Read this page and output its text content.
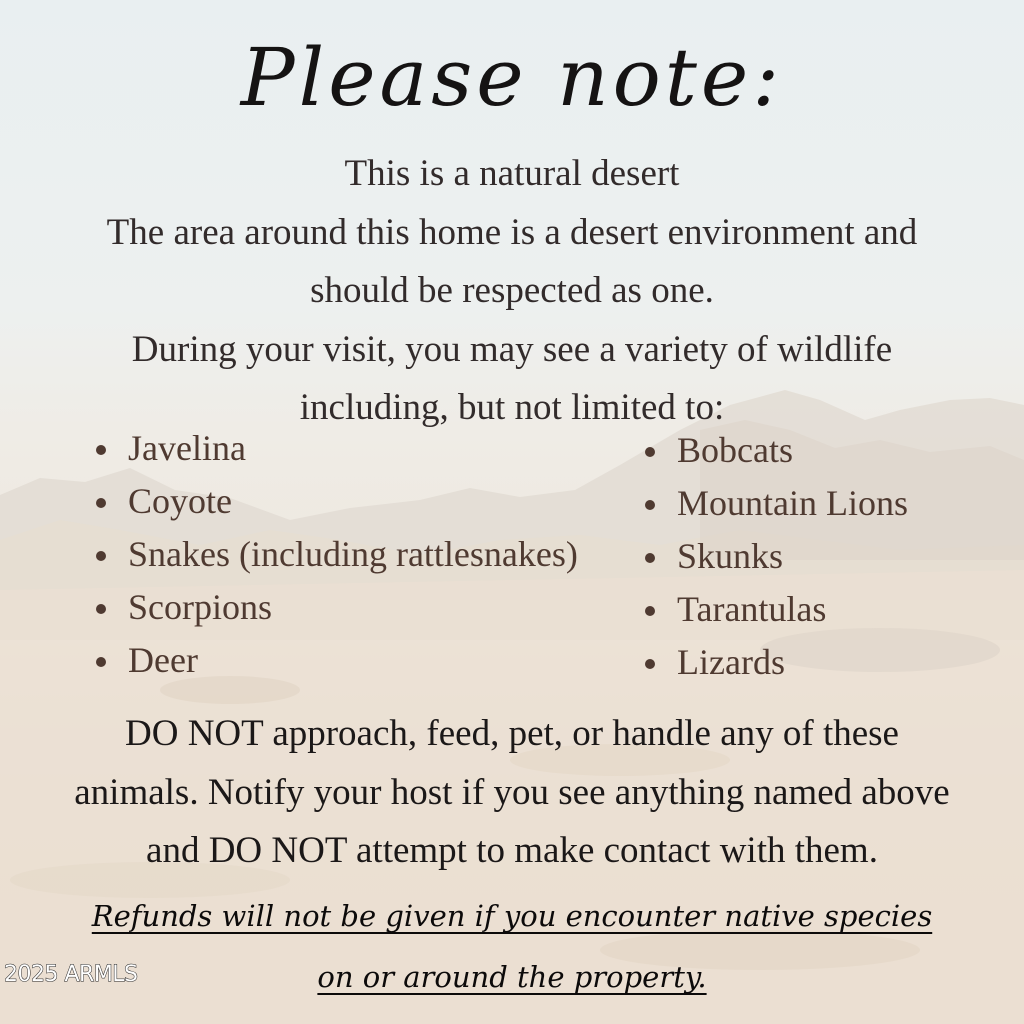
Please note:
This is a natural desert
The area around this home is a desert environment and
should be respected as one.
During your visit, you may see a variety of wildlife
including, but not limited to:
Javelina
Coyote
Snakes (including rattlesnakes)
Scorpions
Deer
Bobcats
Mountain Lions
Skunks
Tarantulas
Lizards
DO NOT approach, feed, pet, or handle any of these
animals. Notify your host if you see anything named above
and DO NOT attempt to make contact with them.
Refunds will not be given if you encounter native species
on or around the property.
2025 ARMLS
